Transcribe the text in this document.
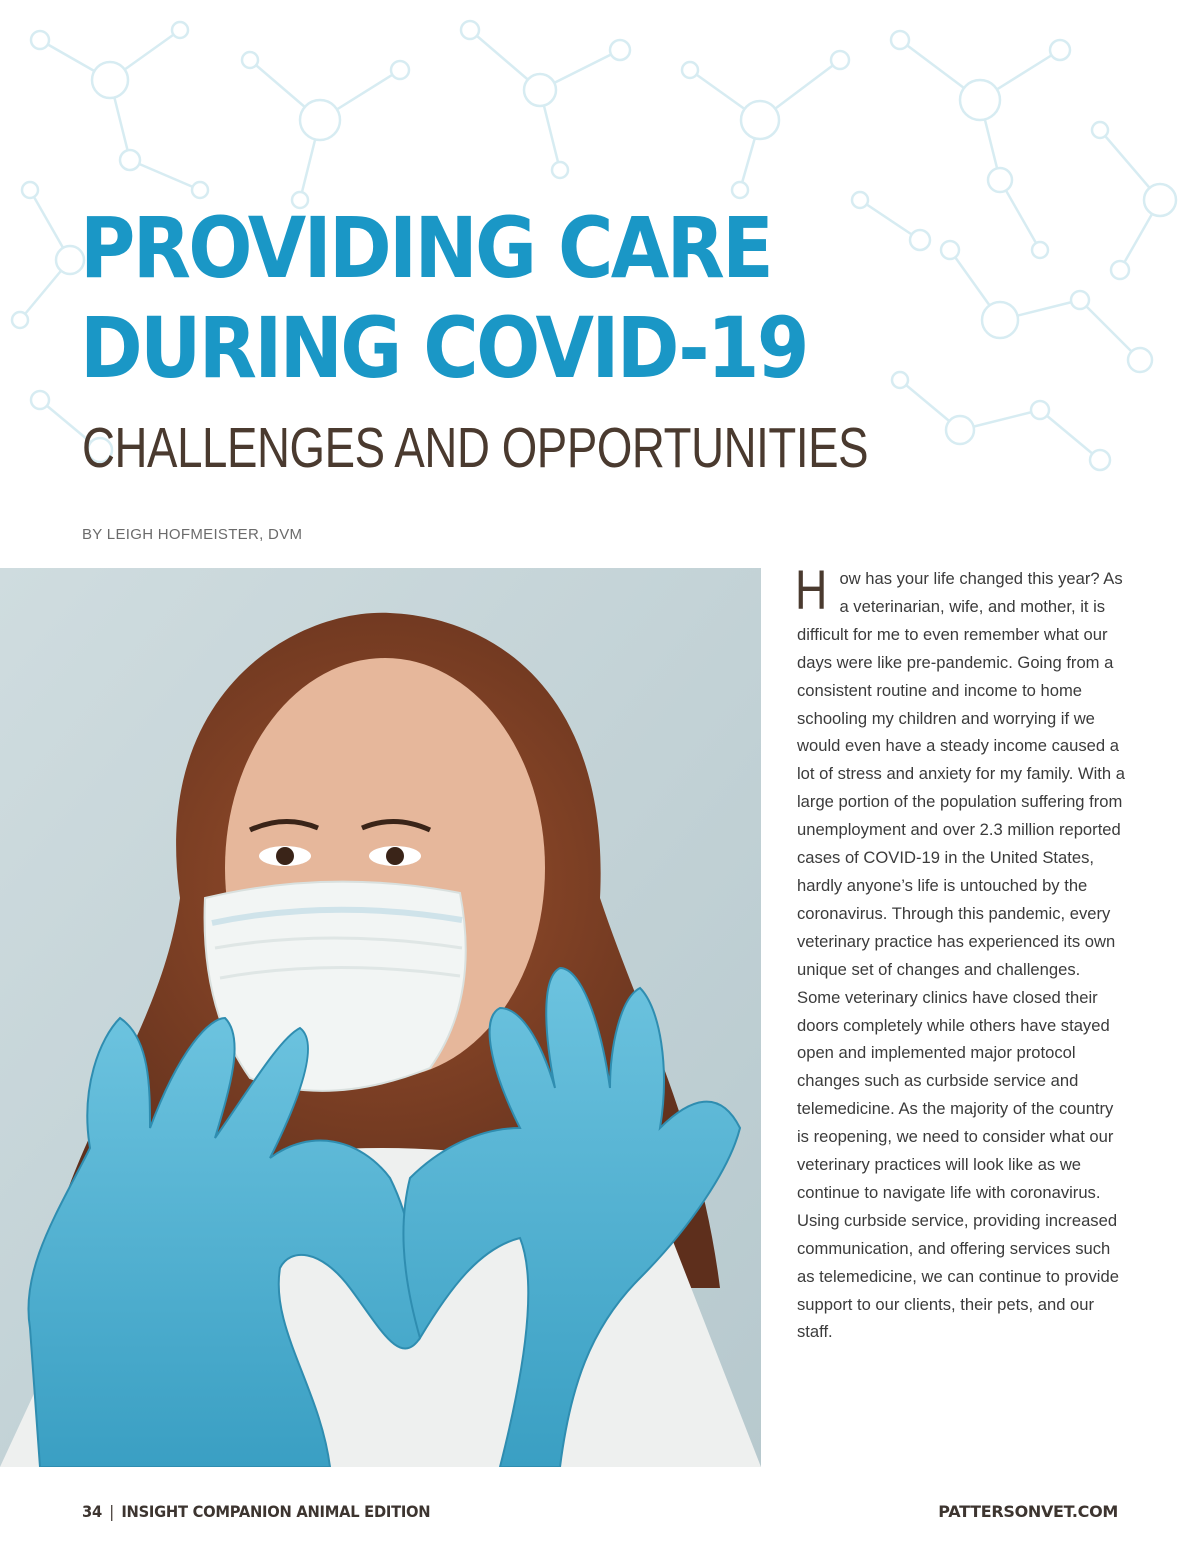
PROVIDING CARE
DURING COVID-19
CHALLENGES AND OPPORTUNITIES
BY LEIGH HOFMEISTER, DVM

How has your life changed this year? As a veterinarian, wife, and mother, it is difficult for me to even remember what our days were like pre-pandemic. Going from a consistent routine and income to home schooling my children and worrying if we would even have a steady income caused a lot of stress and anxiety for my family. With a large portion of the population suffering from unemployment and over 2.3 million reported cases of COVID-19 in the United States, hardly anyone’s life is untouched by the coronavirus. Through this pandemic, every veterinary practice has experienced its own unique set of changes and challenges. Some veterinary clinics have closed their doors completely while others have stayed open and implemented major protocol changes such as curbside service and telemedicine. As the majority of the country is reopening, we need to consider what our veterinary practices will look like as we continue to navigate life with coronavirus. Using curbside service, providing increased communication, and offering services such as telemedicine, we can continue to provide support to our clients, their pets, and our staff.

34 | INSIGHT COMPANION ANIMAL EDITION	PATTERSONVET.COM
